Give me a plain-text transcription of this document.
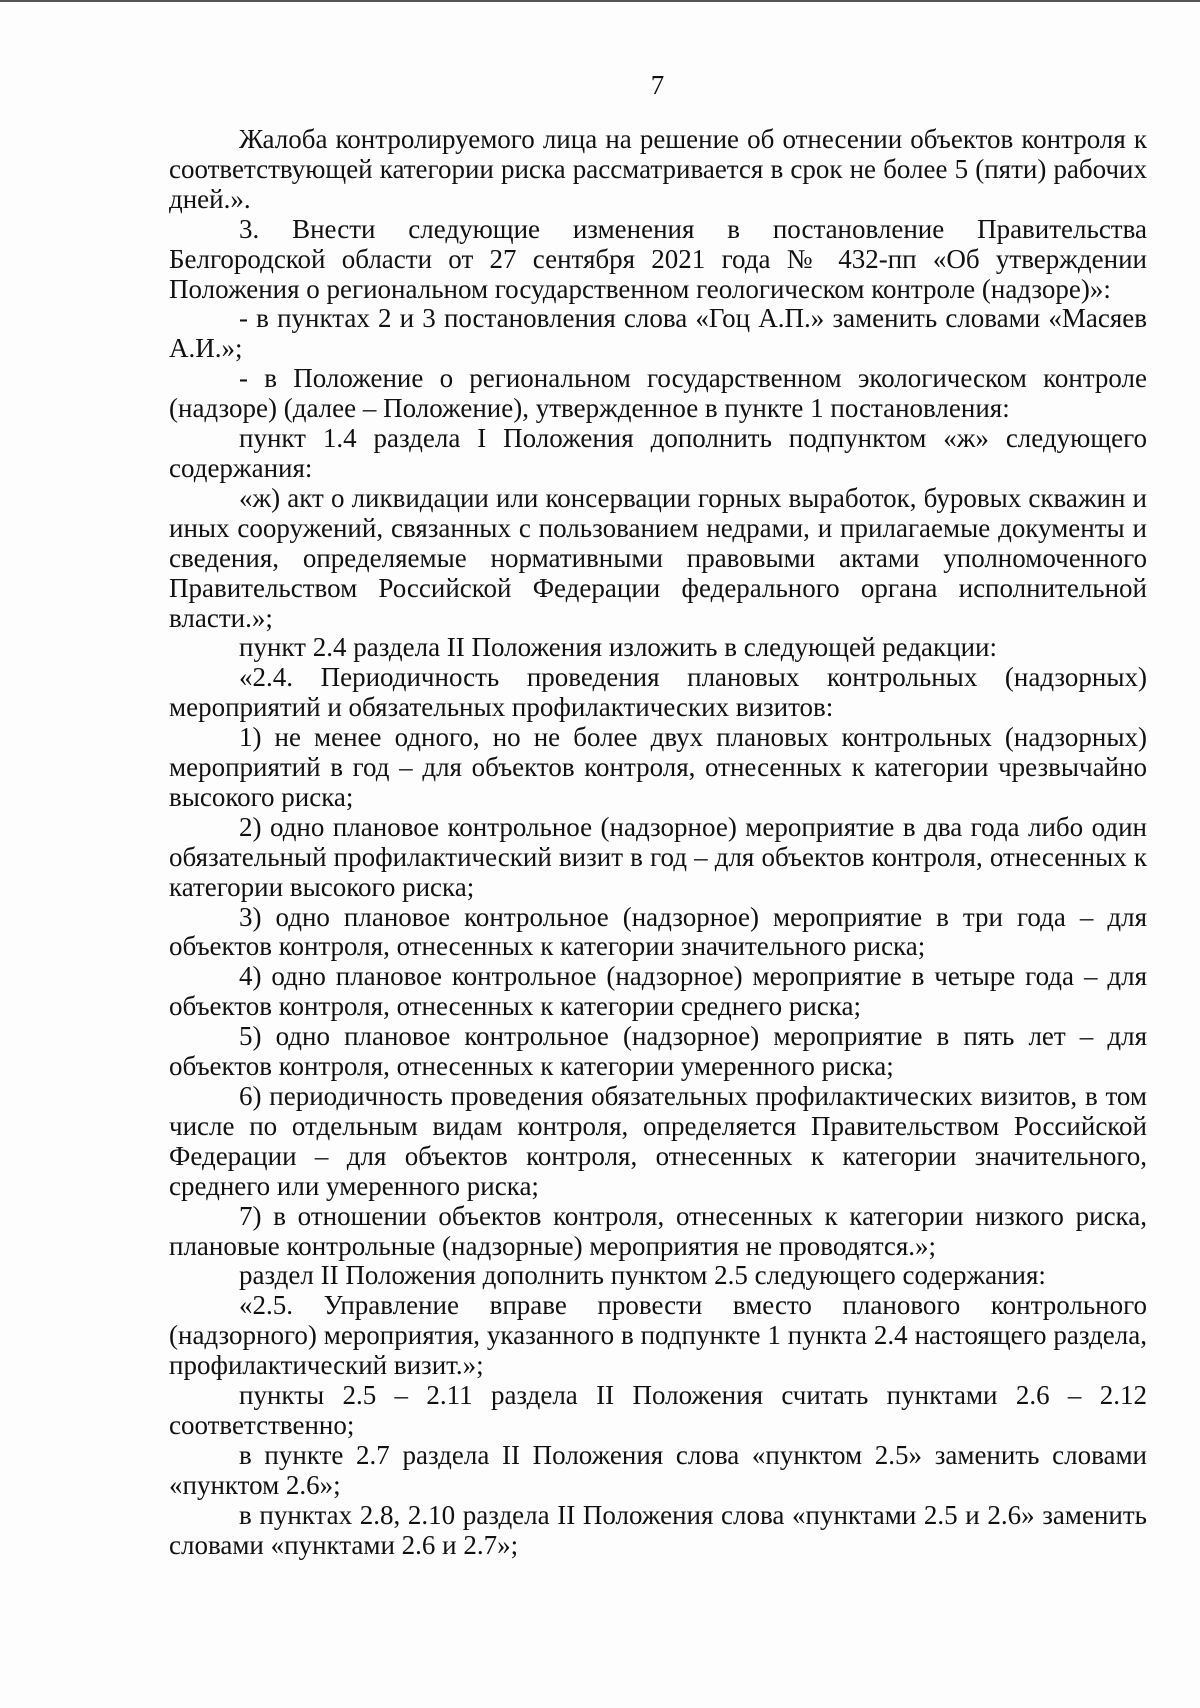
7

Жалоба контролируемого лица на решение об отнесении объектов контроля к соответствующей категории риска рассматривается в срок не более 5 (пяти) рабочих дней.».

3. Внести следующие изменения в постановление Правительства Белгородской области от 27 сентября 2021 года № 432-пп «Об утверждении Положения о региональном государственном геологическом контроле (надзоре)»:

- в пунктах 2 и 3 постановления слова «Гоц А.П.» заменить словами «Масяев А.И.»;

- в Положение о региональном государственном экологическом контроле (надзоре) (далее – Положение), утвержденное в пункте 1 постановления:

пункт 1.4 раздела I Положения дополнить подпунктом «ж» следующего содержания:

«ж) акт о ликвидации или консервации горных выработок, буровых скважин и иных сооружений, связанных с пользованием недрами, и прилагаемые документы и сведения, определяемые нормативными правовыми актами уполномоченного Правительством Российской Федерации федерального органа исполнительной власти.»;

пункт 2.4 раздела II Положения изложить в следующей редакции:

«2.4. Периодичность проведения плановых контрольных (надзорных) мероприятий и обязательных профилактических визитов:

1) не менее одного, но не более двух плановых контрольных (надзорных) мероприятий в год – для объектов контроля, отнесенных к категории чрезвычайно высокого риска;

2) одно плановое контрольное (надзорное) мероприятие в два года либо один обязательный профилактический визит в год – для объектов контроля, отнесенных к категории высокого риска;

3) одно плановое контрольное (надзорное) мероприятие в три года – для объектов контроля, отнесенных к категории значительного риска;

4) одно плановое контрольное (надзорное) мероприятие в четыре года – для объектов контроля, отнесенных к категории среднего риска;

5) одно плановое контрольное (надзорное) мероприятие в пять лет – для объектов контроля, отнесенных к категории умеренного риска;

6) периодичность проведения обязательных профилактических визитов, в том числе по отдельным видам контроля, определяется Правительством Российской Федерации – для объектов контроля, отнесенных к категории значительного, среднего или умеренного риска;

7) в отношении объектов контроля, отнесенных к категории низкого риска, плановые контрольные (надзорные) мероприятия не проводятся.»;

раздел II Положения дополнить пунктом 2.5 следующего содержания:

«2.5. Управление вправе провести вместо планового контрольного (надзорного) мероприятия, указанного в подпункте 1 пункта 2.4 настоящего раздела, профилактический визит.»;

пункты 2.5 – 2.11 раздела II Положения считать пунктами 2.6 – 2.12 соответственно;

в пункте 2.7 раздела II Положения слова «пунктом 2.5» заменить словами «пунктом 2.6»;

в пунктах 2.8, 2.10 раздела II Положения слова «пунктами 2.5 и 2.6» заменить словами «пунктами 2.6 и 2.7»;
